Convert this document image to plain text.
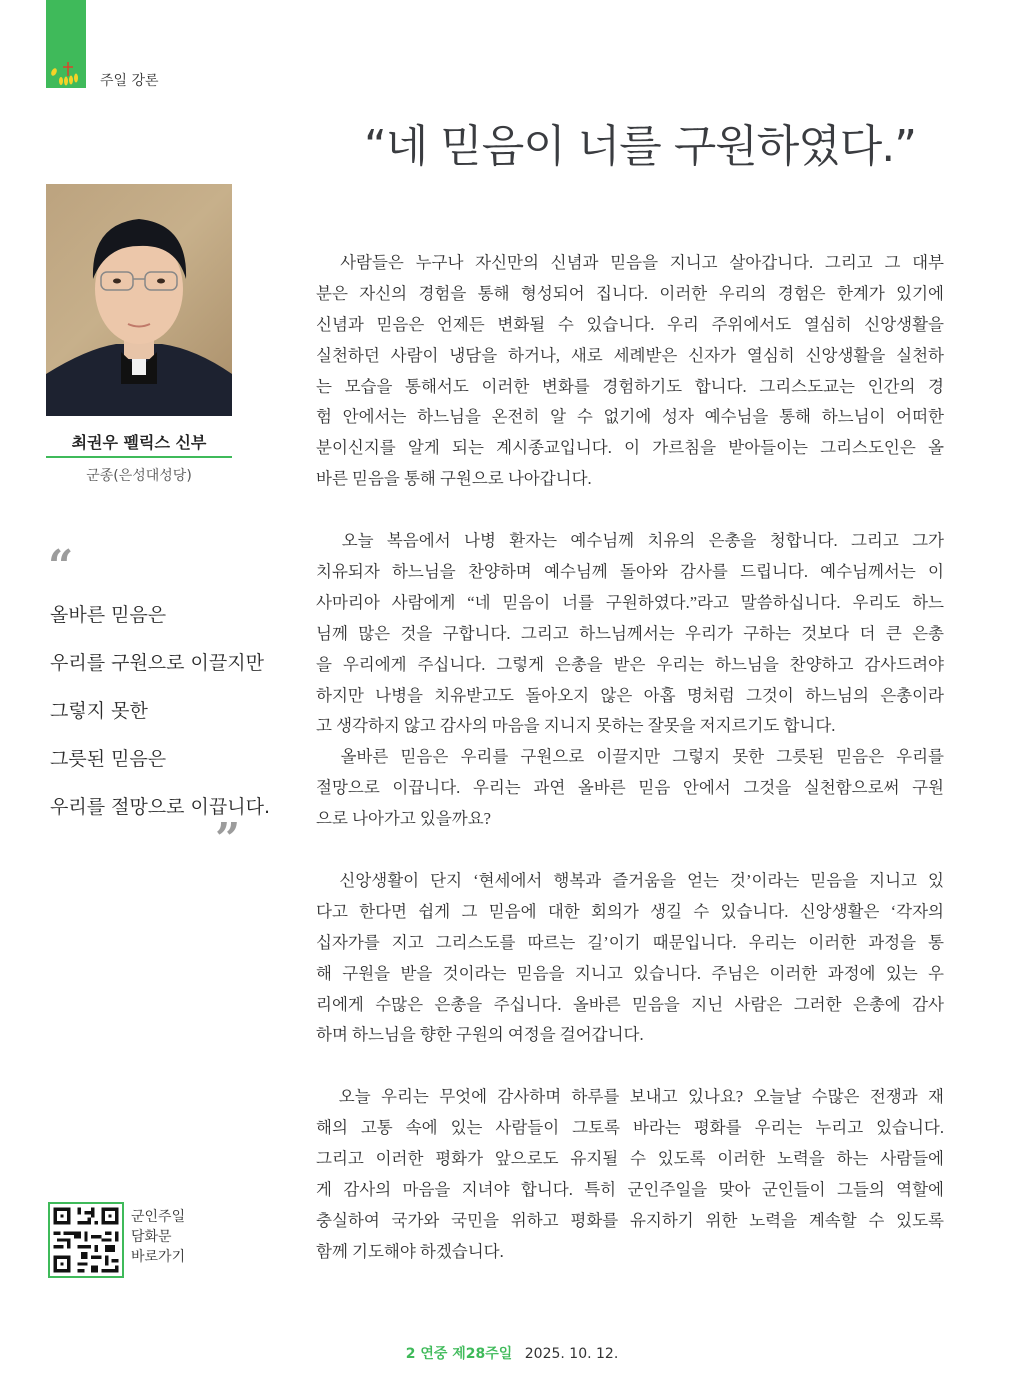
주일 강론
“네 믿음이 너를 구원하였다.”
최권우 펠릭스 신부
군종(은성대성당)
“
올바른 믿음은
우리를 구원으로 이끌지만
그렇지 못한
그릇된 믿음은
우리를 절망으로 이끕니다.
”
　사람들은 누구나 자신만의 신념과 믿음을 지니고 살아갑니다. 그리고 그 대부
분은 자신의 경험을 통해 형성되어 집니다. 이러한 우리의 경험은 한계가 있기에
신념과 믿음은 언제든 변화될 수 있습니다. 우리 주위에서도 열심히 신앙생활을
실천하던 사람이 냉담을 하거나, 새로 세례받은 신자가 열심히 신앙생활을 실천하
는 모습을 통해서도 이러한 변화를 경험하기도 합니다. 그리스도교는 인간의 경
험 안에서는 하느님을 온전히 알 수 없기에 성자 예수님을 통해 하느님이 어떠한
분이신지를 알게 되는 계시종교입니다. 이 가르침을 받아들이는 그리스도인은 올
바른 믿음을 통해 구원으로 나아갑니다.
　오늘 복음에서 나병 환자는 예수님께 치유의 은총을 청합니다. 그리고 그가
치유되자 하느님을 찬양하며 예수님께 돌아와 감사를 드립니다. 예수님께서는 이
사마리아 사람에게 “네 믿음이 너를 구원하였다.”라고 말씀하십니다. 우리도 하느
님께 많은 것을 구합니다. 그리고 하느님께서는 우리가 구하는 것보다 더 큰 은총
을 우리에게 주십니다. 그렇게 은총을 받은 우리는 하느님을 찬양하고 감사드려야
하지만 나병을 치유받고도 돌아오지 않은 아홉 명처럼 그것이 하느님의 은총이라
고 생각하지 않고 감사의 마음을 지니지 못하는 잘못을 저지르기도 합니다.
　올바른 믿음은 우리를 구원으로 이끌지만 그렇지 못한 그릇된 믿음은 우리를
절망으로 이끕니다. 우리는 과연 올바른 믿음 안에서 그것을 실천함으로써 구원
으로 나아가고 있을까요?
　신앙생활이 단지 ‘현세에서 행복과 즐거움을 얻는 것’이라는 믿음을 지니고 있
다고 한다면 쉽게 그 믿음에 대한 회의가 생길 수 있습니다. 신앙생활은 ‘각자의
십자가를 지고 그리스도를 따르는 길’이기 때문입니다. 우리는 이러한 과정을 통
해 구원을 받을 것이라는 믿음을 지니고 있습니다. 주님은 이러한 과정에 있는 우
리에게 수많은 은총을 주십니다. 올바른 믿음을 지닌 사람은 그러한 은총에 감사
하며 하느님을 향한 구원의 여정을 걸어갑니다.
　오늘 우리는 무엇에 감사하며 하루를 보내고 있나요? 오늘날 수많은 전쟁과 재
해의 고통 속에 있는 사람들이 그토록 바라는 평화를 우리는 누리고 있습니다.
그리고 이러한 평화가 앞으로도 유지될 수 있도록 이러한 노력을 하는 사람들에
게 감사의 마음을 지녀야 합니다. 특히 군인주일을 맞아 군인들이 그들의 역할에
충실하여 국가와 국민을 위하고 평화를 유지하기 위한 노력을 계속할 수 있도록
함께 기도해야 하겠습니다.
군인주일
담화문
바로가기
2 연중 제28주일 2025. 10. 12.
